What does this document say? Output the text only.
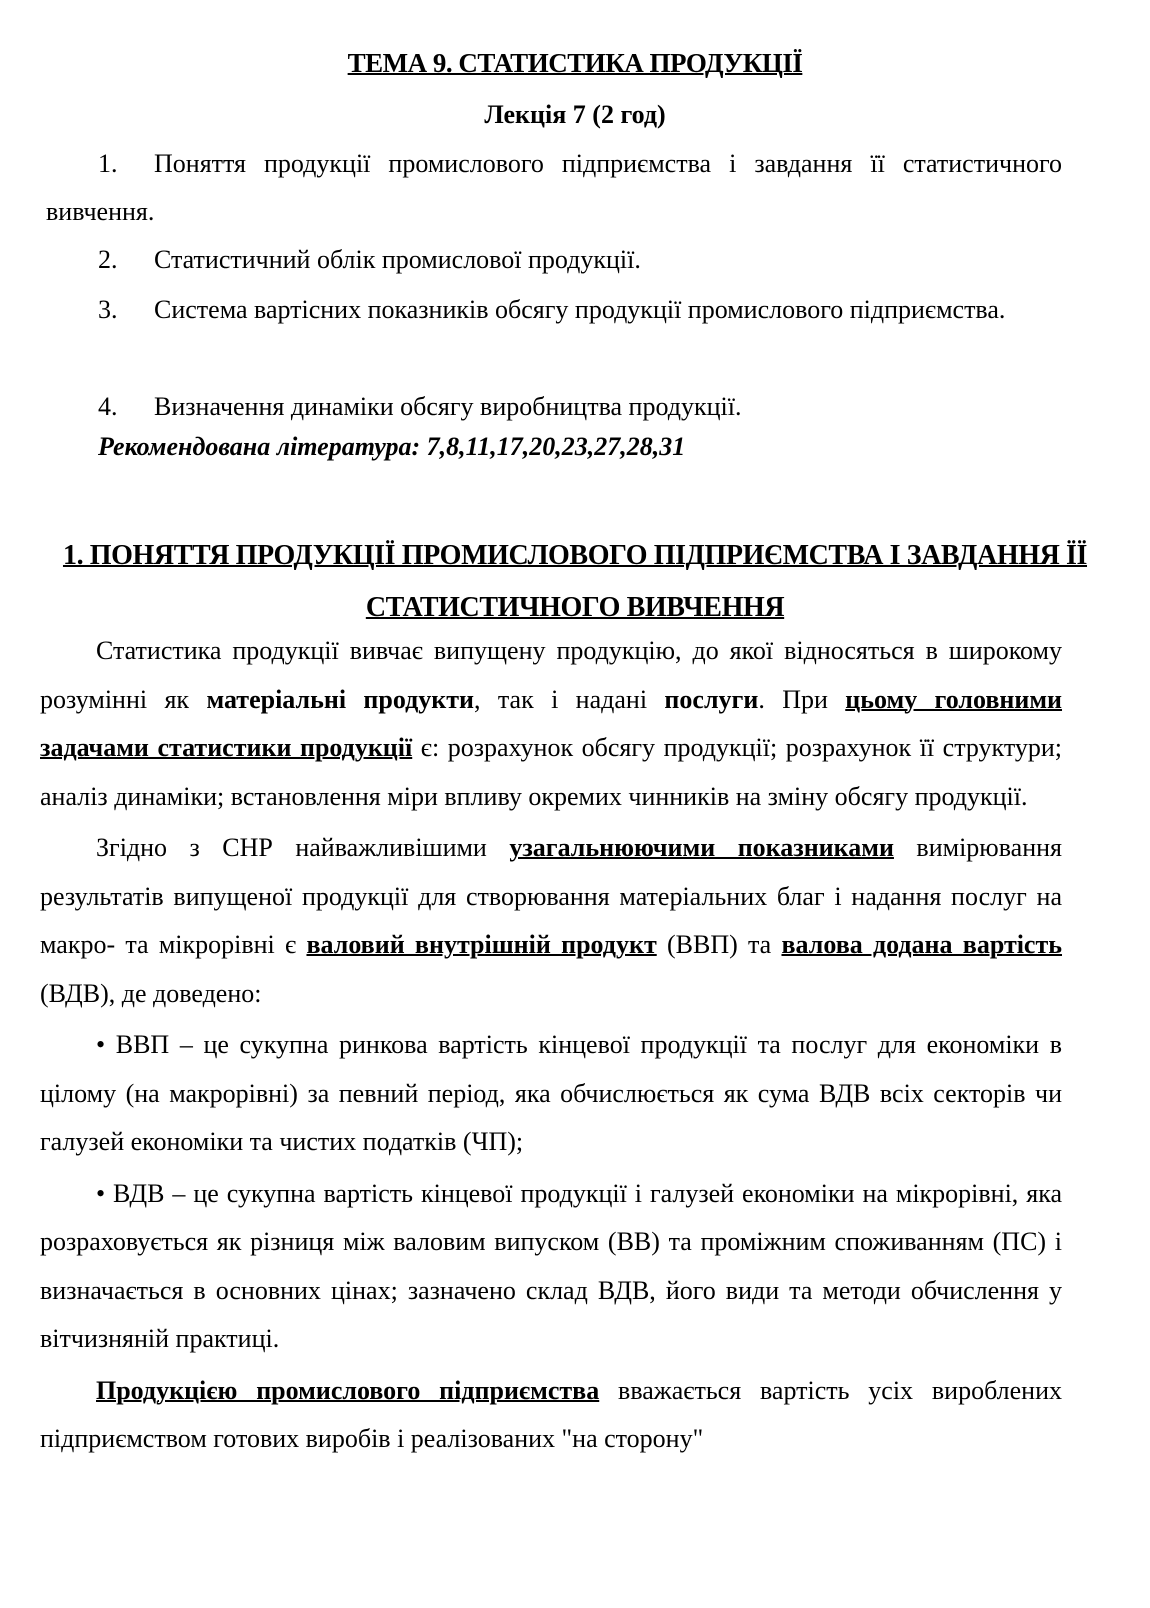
ТЕМА 9. СТАТИСТИКА ПРОДУКЦІЇ
Лекція 7 (2 год)
1. Поняття продукції промислового підприємства і завдання її статистичного вивчення.
2. Статистичний облік промислової продукції.
3. Система вартісних показників обсягу продукції промислового підприємства.
4. Визначення динаміки обсягу виробництва продукції.
Рекомендована література: 7,8,11,17,20,23,27,28,31
1. ПОНЯТТЯ ПРОДУКЦІЇ ПРОМИСЛОВОГО ПІДПРИЄМСТВА І ЗАВДАННЯ ЇЇ СТАТИСТИЧНОГО ВИВЧЕННЯ

Статистика продукції вивчає випущену продукцію, до якої відносяться в широкому розумінні як матеріальні продукти, так і надані послуги. При цьому головними задачами статистики продукції є: розрахунок обсягу продукції; розрахунок її структури; аналіз динаміки; встановлення міри впливу окремих чинників на зміну обсягу продукції.

Згідно з СНР найважливішими узагальнюючими показниками вимірювання результатів випущеної продукції для створювання матеріальних благ і надання послуг на макро- та мікрорівні є валовий внутрішній продукт (ВВП) та валова додана вартість (ВДВ), де доведено:

• ВВП – це сукупна ринкова вартість кінцевої продукції та послуг для економіки в цілому (на макрорівні) за певний період, яка обчислюється як сума ВДВ всіх секторів чи галузей економіки та чистих податків (ЧП);

• ВДВ – це сукупна вартість кінцевої продукції і галузей економіки на мікрорівні, яка розраховується як різниця між валовим випуском (ВВ) та проміжним споживанням (ПС) і визначається в основних цінах; зазначено склад ВДВ, його види та методи обчислення у вітчизняній практиці.

Продукцією промислового підприємства вважається вартість усіх вироблених підприємством готових виробів і реалізованих "на сторону"
